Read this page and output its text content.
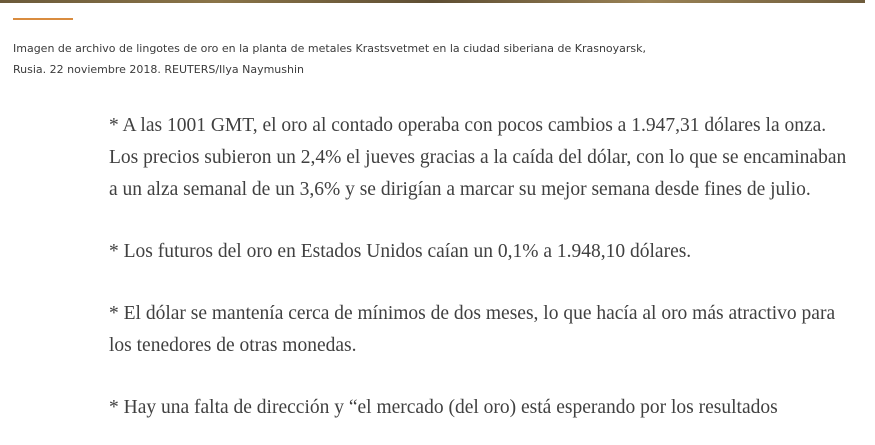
Imagen de archivo de lingotes de oro en la planta de metales Krastsvetmet en la ciudad siberiana de Krasnoyarsk,
Rusia. 22 noviembre 2018. REUTERS/Ilya Naymushin

* A las 1001 GMT, el oro al contado operaba con pocos cambios a 1.947,31 dólares la onza. Los precios subieron un 2,4% el jueves gracias a la caída del dólar, con lo que se encaminaban a un alza semanal de un 3,6% y se dirigían a marcar su mejor semana desde fines de julio.

* Los futuros del oro en Estados Unidos caían un 0,1% a 1.948,10 dólares.

* El dólar se mantenía cerca de mínimos de dos meses, lo que hacía al oro más atractivo para los tenedores de otras monedas.

* Hay una falta de dirección y “el mercado (del oro) está esperando por los resultados
